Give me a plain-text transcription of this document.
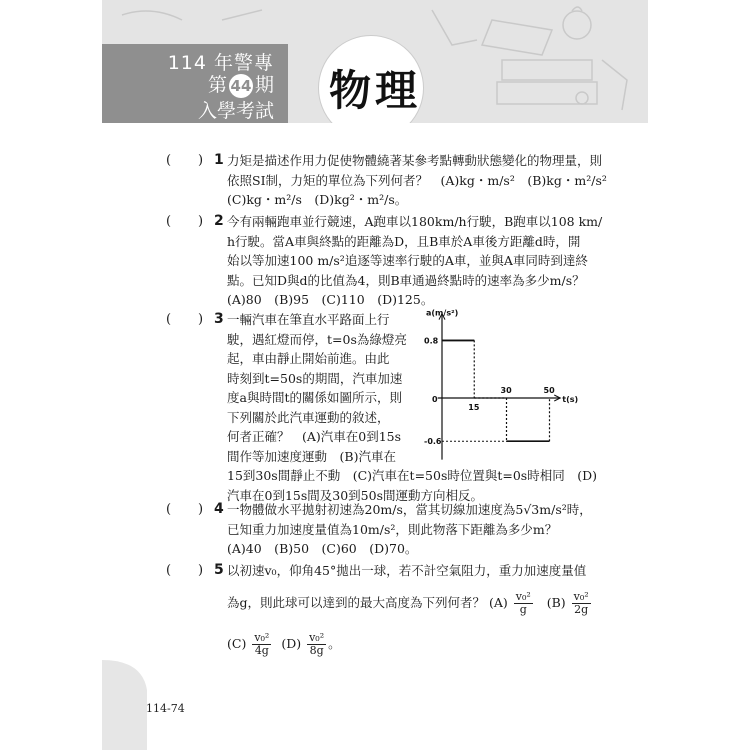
114 年警專
第 44 期
入學考試 物理
( ) 1 力矩是描述作用力促使物體繞著某參考點轉動狀態變化的物理量，則
依照SI制，力矩的單位為下列何者？　(A)kg・m/s²　(B)kg・m²/s²
(C)kg・m²/s　(D)kg²・m²/s。
( ) 2 今有兩輛跑車並行競速，A跑車以180km/h行駛，B跑車以108 km/
h行駛。當A車與終點的距離為D，且B車於A車後方距離d時，開
始以等加速100 m/s²追逐等速率行駛的A車，並與A車同時到達終
點。已知D與d的比值為4，則B車通過終點時的速率為多少m/s？
(A)80　(B)95　(C)110　(D)125。
( ) 3 一輛汽車在筆直水平路面上行
駛，遇紅燈而停，t=0s為綠燈亮
起，車由靜止開始前進。由此
時刻到t=50s的期間，汽車加速
度a與時間t的關係如圖所示，則
下列關於此汽車運動的敘述，
何者正確？　(A)汽車在0到15s
間作等加速度運動　(B)汽車在
15到30s間靜止不動　(C)汽車在t=50s時位置與t=0s時相同　(D)
汽車在0到15s間及30到50s間運動方向相反。
a(m/s²)
t(s)
0
15
30	50
0.8
-0.6
( ) 4 一物體做水平拋射初速為20m/s，當其切線加速度為5√3m/s²時，
已知重力加速度量值為10m/s²，則此物落下距離為多少m？
(A)40　(B)50　(C)60　(D)70。
( ) 5 以初速v₀，仰角45°拋出一球，若不計空氣阻力，重力加速度量值
為g，則此球可以達到的最大高度為下列何者？ $(A) \frac{\text{v₀²}}{g} (B) \frac{\text{v₀²}}{2g}$
$(C) \frac{\text{v₀²}}{4g} (D) \frac{\text{v₀²}}{8g}$ 。
114-74
